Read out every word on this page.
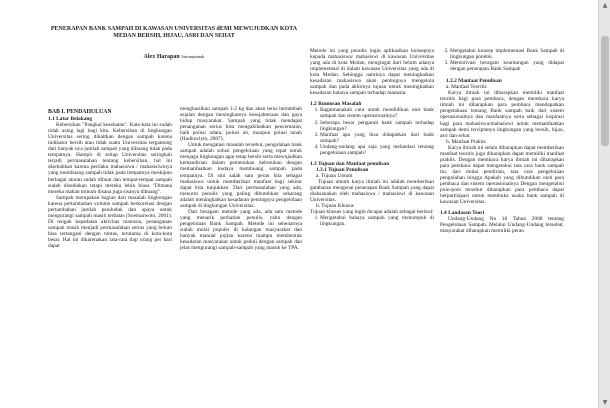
PENERAPAN BANK SAMPAH DI KAWASAN UNIVERSITAS dEMI MEWUJUDKAN KOTA MEDAN BERSIH, HIJAU, ASRI DAN SEHAT
Alex Harapan Simanjuntak
BAB I. PENDAHULUAN
1.1 Latar Belakang

Kebersihan "Pangkal kesehatan". Kata-kata ini sudah tidak asing lagi bagi kita. Kebersihan di lingkungan Universitas sering dikaitkan dengan sampah karena indikator bersih atau tidak suatu Universitas tergantung dari banyak nya jumlah sampah yang dibuang tidak pada tempatnya. Hampir di setiap Universitas seringkali terjadi permasalahan tentang kebersihan, hal ini disebabkan karena perilaku mahasiswa / mahasisiwinya yang membuang sampah tidak pada tempatnya meskipun berbagai aturan sudah dibuat dan tempat-tempat sampah sudah disediakan tetapi mereka lebih biasa "Dimana mereka makan minum disana juga sisanya dibuang".

Sampah merupakan bagian dari masalah lingkungan karena pertambahan volume sampah berkorelasi dengan pertambahan jumlah penduduk dan upaya untuk mengurangi sampah masih terbatas (Soemarwoto, 2001). Di tengah kepadatan aktivitas manusia, penanganan sampah masih menjadi permasalahan serius yang belum bisa tertangani dengan tuntas, terutama di kota-kota besar. Hal ini dikarenakan rata-rata tiap orang per hari dapat

menghasilkan sampah 1-2 kg dan akan terus bertambah sejalan dengan meningkatnya kesejahteraan dan gaya hidup masyarakat. Sampah yang tidak mendapat penanganan serius bisa mengakibatkan pencemaran, baik polusi udara, polusi air, maupun polusi tanah (Hadiuwiyto, 2007).

Untuk mengatasi masalah tersebut, pengolahan bank sampah adalah solusi pengelolaan yang tepat untuk menjaga lingkungan agar tetap bersih serta mewujudkan kemandirian dalam pemenuhan kebutuhan dengan memanfaatkan budaya membuang sampah pada tempatnya. Di sini salah satu peran kita sebagai mahasiswa untuk memberikan manfaat bagi sekitar dapat kita tunjukkan. Dari permasalahan yang ada, menurut penulis yang paling dibutuhkan sekarang adalah meningkatkan kesadaran pentingnya pengelolaan sampah di lingkungan Universitas.

Dari beragam metode yang ada, ada satu metode yang menarik perhatian penulis, yaitu dengan pengelolaan Bank Sampah. Metode ini sebenarnya sudah mulai populer di kalangan masyarakat dan banyak manual pujian karena mampu membentuk kesadaran masyarakat untuk peduli dengan sampah dan jelas mengurangi sampah-sampah yang masuk ke TPA.

Metode ini yang penulis ingin aplikasikan konsepnya kepada mahasiswa/ mahasiswi di kawasan Universitas yang ada di kota Medan, mengingat dari belum adanya implementasi di dalam kawasan Universitas yang ada di kota Medan. Sehingga nantinya dapat meningkatkan kesadaran mahasiswa akan pentingnya mengelola sampah dan pada akhirnya tujuan untuk meningkatkan kesadaran bahaya sampah terhadap manusia.

1.2 Rumusan Masalah
1. Bagaimanakah cara untuk mendidikan unit bank sampah dan sistem operasionalnya?
2. Seberapa besar pengaruh bank sampah terhadap lingkungan?
3. Manfaat apa yang bisa didapatkan dari bank sampah?
4. Undang-undang apa saja yang melandasi tentang pengelolaan sampah?
1.3 Tujuan dan Manfaat penulisan
1.3.1 Tujuan Penulisan
a. Tujuan Umum

Tujuan umum karya ilmiah ini adalah memberikan gambaran mengenai penerapan Bank Sampah yang dapat diaksanakan oleh mahasiswa / mahasiswi di kawasan Universitas.

b. Tujuan Khusus

Tujuan khusus yang ingin dicapai adalah sebagai berikut:

1. Mengetahui bahaya sampah yang menumpuk di lingkungan.
2. Mengetahui konsep implementasi Bank Sampah di lingkungan pondok.
3. Memotivasi beragam keuntungan yang didapat dengan penerapan Bank Sampah
1.3.2 Manfaat Penulisan
a. Manfaat Teoritis

Karya ilmiah ini diharapkan memiliki manfaat teoritis bagi para pembaca, dengan membaca karya ilmiah ini diharapkan para pembaca mendapatkan pengetahuan tentang Bank sampah baik dari sistem operasionalnya dan manfaatnya serta sebagai inspirasi bagi para mahasiswa/mahasiswi untuk memanfaatkan sampah demi terciptanya lingkungan yang bersih, hijau, asri dan sehat.

b. Manfaat Praktis

Karya ilmiah ini selain diharapkan dapat memberikan manfaat teoritis juga diharapkan dapat memiliki manfaat praktis. Dengan membaca karya ilmiah ini diharapkan para pembaca dapat mengetahui tata cara bank sampah itu, dari mulai pendirian, tata cara pengelolaan pengolahan hingga Apakah yang dibutuhkan oleh para pembaca dan sistem operasionalnya Dengan mengetahui poin-poin tersebut diharapkan para pembaca dapat berpartisipasi untuk membuka usaha bank sampah di kawasan Universitas.

1.4 Landasan Teori

Undang-Undang No 18 Tahun 2008 tentang Pengelolaan Sampah. Melalui Undang-Undang tersebut, masyarakat diharapkan memiliki peran

▲
▼
